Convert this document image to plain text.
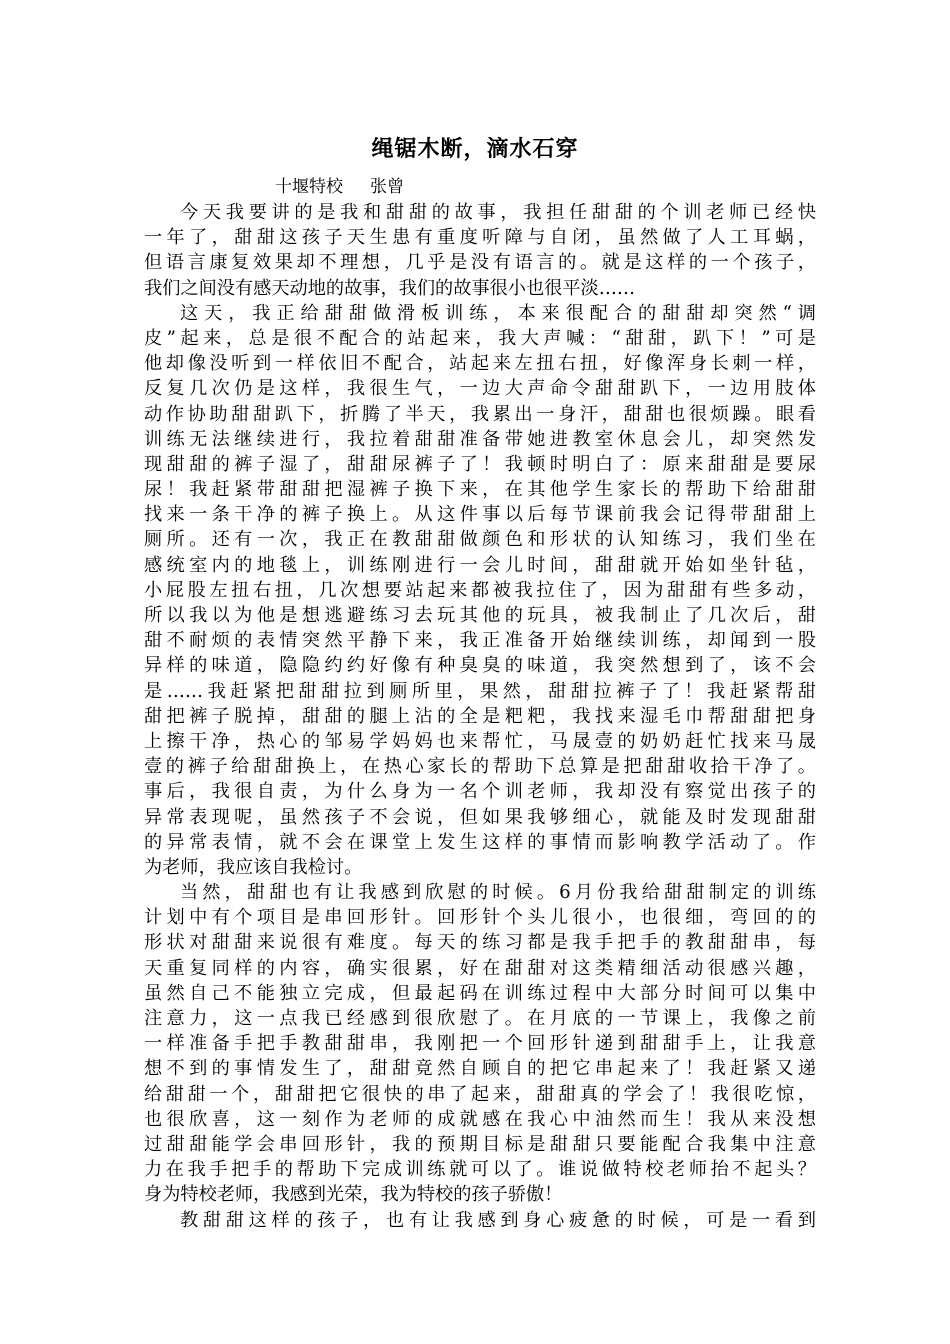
绳锯木断，滴水石穿

十堰特校     张曾

今天我要讲的是我和甜甜的故事，我担任甜甜的个训老师已经快
一年了，甜甜这孩子天生患有重度听障与自闭，虽然做了人工耳蜗，
但语言康复效果却不理想，几乎是没有语言的。就是这样的一个孩子，
我们之间没有感天动地的故事，我们的故事很小也很平淡……
这天，我正给甜甜做滑板训练，本来很配合的甜甜却突然“调
皮”起来，总是很不配合的站起来，我大声喊：“甜甜，趴下！”可是
他却像没听到一样依旧不配合，站起来左扭右扭，好像浑身长刺一样，
反复几次仍是这样，我很生气，一边大声命令甜甜趴下，一边用肢体
动作协助甜甜趴下，折腾了半天，我累出一身汗，甜甜也很烦躁。眼看
训练无法继续进行，我拉着甜甜准备带她进教室休息会儿，却突然发
现甜甜的裤子湿了，甜甜尿裤子了！我顿时明白了：原来甜甜是要尿
尿！我赶紧带甜甜把湿裤子换下来，在其他学生家长的帮助下给甜甜
找来一条干净的裤子换上。从这件事以后每节课前我会记得带甜甜上
厕所。还有一次，我正在教甜甜做颜色和形状的认知练习，我们坐在
感统室内的地毯上，训练刚进行一会儿时间，甜甜就开始如坐针毡，
小屁股左扭右扭，几次想要站起来都被我拉住了，因为甜甜有些多动，
所以我以为他是想逃避练习去玩其他的玩具，被我制止了几次后，甜
甜不耐烦的表情突然平静下来，我正准备开始继续训练，却闻到一股
异样的味道，隐隐约约好像有种臭臭的味道，我突然想到了，该不会
是……我赶紧把甜甜拉到厕所里，果然，甜甜拉裤子了！我赶紧帮甜
甜把裤子脱掉，甜甜的腿上沾的全是粑粑，我找来湿毛巾帮甜甜把身
上擦干净，热心的邹易学妈妈也来帮忙，马晟壹的奶奶赶忙找来马晟
壹的裤子给甜甜换上，在热心家长的帮助下总算是把甜甜收拾干净了。
事后，我很自责，为什么身为一名个训老师，我却没有察觉出孩子的
异常表现呢，虽然孩子不会说，但如果我够细心，就能及时发现甜甜
的异常表情，就不会在课堂上发生这样的事情而影响教学活动了。作
为老师，我应该自我检讨。
当然，甜甜也有让我感到欣慰的时候。6月份我给甜甜制定的训练
计划中有个项目是串回形针。回形针个头儿很小，也很细，弯回的的
形状对甜甜来说很有难度。每天的练习都是我手把手的教甜甜串，每
天重复同样的内容，确实很累，好在甜甜对这类精细活动很感兴趣，
虽然自己不能独立完成，但最起码在训练过程中大部分时间可以集中
注意力，这一点我已经感到很欣慰了。在月底的一节课上，我像之前
一样准备手把手教甜甜串，我刚把一个回形针递到甜甜手上，让我意
想不到的事情发生了，甜甜竟然自顾自的把它串起来了！我赶紧又递
给甜甜一个，甜甜把它很快的串了起来，甜甜真的学会了！我很吃惊，
也很欣喜，这一刻作为老师的成就感在我心中油然而生！我从来没想
过甜甜能学会串回形针，我的预期目标是甜甜只要能配合我集中注意
力在我手把手的帮助下完成训练就可以了。谁说做特校老师抬不起头？
身为特校老师，我感到光荣，我为特校的孩子骄傲！
教甜甜这样的孩子，也有让我感到身心疲惫的时候，可是一看到
